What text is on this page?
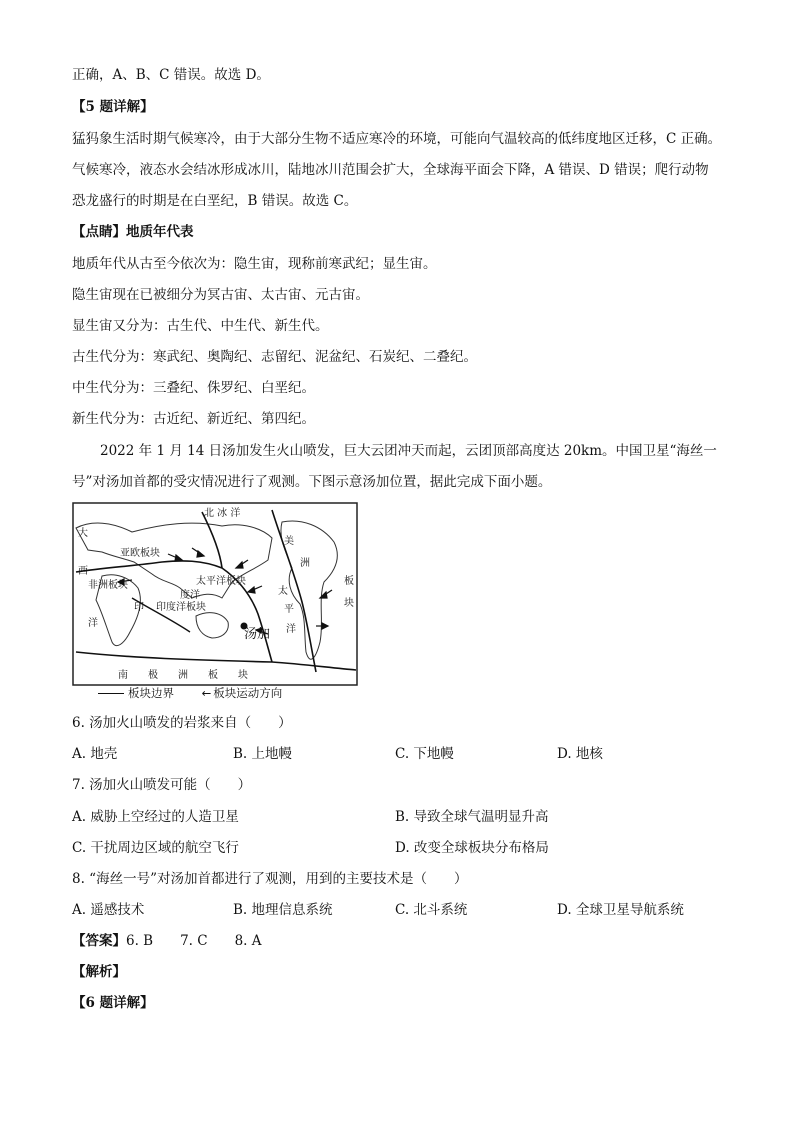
正确，A、B、C 错误。故选 D。
【5 题详解】
猛犸象生活时期气候寒冷，由于大部分生物不适应寒冷的环境，可能向气温较高的低纬度地区迁移，C 正确。
气候寒冷，液态水会结冰形成冰川，陆地冰川范围会扩大，全球海平面会下降，A 错误、D 错误；爬行动物
恐龙盛行的时期是在白垩纪，B 错误。故选 C。
【点睛】地质年代表
地质年代从古至今依次为：隐生宙，现称前寒武纪；显生宙。
隐生宙现在已被细分为冥古宙、太古宙、元古宙。
显生宙又分为：古生代、中生代、新生代。
古生代分为：寒武纪、奥陶纪、志留纪、泥盆纪、石炭纪、二叠纪。
中生代分为：三叠纪、侏罗纪、白垩纪。
新生代分为：古近纪、新近纪、第四纪。
2022 年 1 月 14 日汤加发生火山喷发，巨大云团冲天而起，云团顶部高度达 20km。中国卫星“海丝一
号”对汤加首都的受灾情况进行了观测。下图示意汤加位置，据此完成下面小题。
北 冰 洋
亚欧板块
大
西
非洲板块
印
度洋
洋
印度洋板块
太平洋板块
太
平
洋
美
洲
板
块
汤加
南　　极　　洲　　板　　块
板块边界 ← 板块运动方向
6. 汤加火山喷发的岩浆来自（　　）
A. 地壳	B. 上地幔	C. 下地幔	D. 地核
7. 汤加火山喷发可能（　　）
A. 威胁上空经过的人造卫星	B. 导致全球气温明显升高
C. 干扰周边区域的航空飞行	D. 改变全球板块分布格局
8. “海丝一号”对汤加首都进行了观测，用到的主要技术是（　　）
A. 遥感技术	B. 地理信息系统	C. 北斗系统	D. 全球卫星导航系统
【答案】6. B　　7. C　　8. A
【解析】
【6 题详解】
